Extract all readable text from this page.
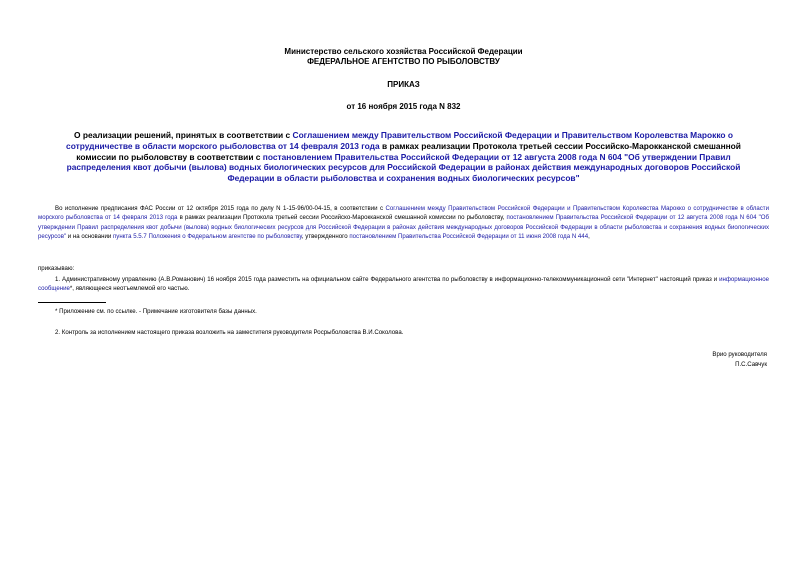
Министерство сельского хозяйства Российской Федерации
ФЕДЕРАЛЬНОЕ АГЕНТСТВО ПО РЫБОЛОВСТВУ
ПРИКАЗ
от 16 ноября 2015 года N 832
О реализации решений, принятых в соответствии с Соглашением между Правительством Российской Федерации и Правительством Королевства Марокко о сотрудничестве в области морского рыболовства от 14 февраля 2013 года в рамках реализации Протокола третьей сессии Российско-Марокканской смешанной комиссии по рыболовству в соответствии с постановлением Правительства Российской Федерации от 12 августа 2008 года N 604 "Об утверждении Правил распределения квот добычи (вылова) водных биологических ресурсов для Российской Федерации в районах действия международных договоров Российской Федерации в области рыболовства и сохранения водных биологических ресурсов"
Во исполнение предписания ФАС России от 12 октября 2015 года по делу N 1-15-96/00-04-15, в соответствии с Соглашением между Правительством Российской Федерации и Правительством Королевства Марокко о сотрудничестве в области морского рыболовства от 14 февраля 2013 года в рамках реализации Протокола третьей сессии Российско-Марокканской смешанной комиссии по рыболовству, постановлением Правительства Российской Федерации от 12 августа 2008 года N 604 "Об утверждении Правил распределения квот добычи (вылова) водных биологических ресурсов для Российской Федерации в районах действия международных договоров Российской Федерации в области рыболовства и сохранения водных биологических ресурсов" и на основании пункта 5.5.7 Положения о Федеральном агентстве по рыболовству, утвержденного постановлением Правительства Российской Федерации от 11 июня 2008 года N 444,
приказываю:
1. Административному управлению (А.В.Романович) 16 ноября 2015 года разместить на официальном сайте Федерального агентства по рыболовству в информационно-телекоммуникационной сети "Интернет" настоящий приказ и информационное сообщение*, являющееся неотъемлемой его частью.
* Приложение см. по ссылке. - Примечание изготовителя базы данных.
2. Контроль за исполнением настоящего приказа возложить на заместителя руководителя Росрыболовства В.И.Соколова.
Врио руководителя
П.С.Савчук
